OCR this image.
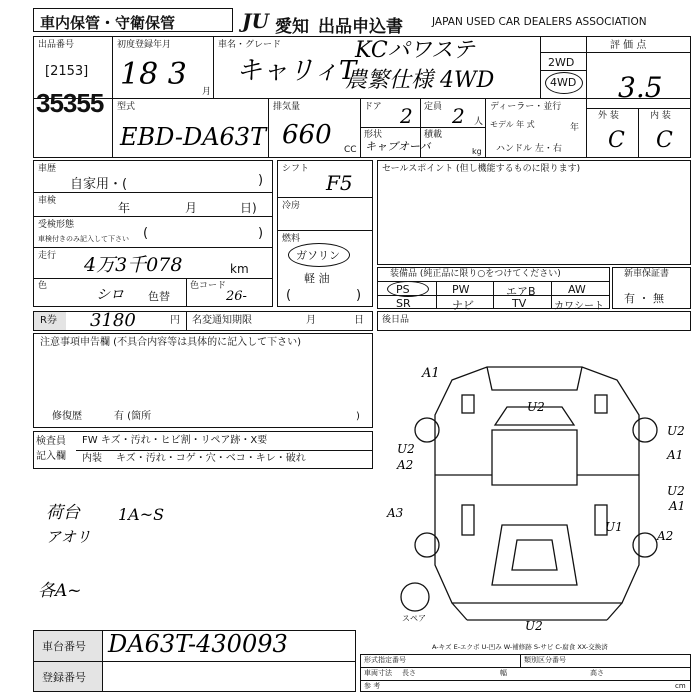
車内保管・守衛保管	JU 愛知 出品申込書	JAPAN USED CAR DEALERS ASSOCIATION
出品番号
[2153]
35355
初度登録年月
18 3 月
車名・グレード
キャリィT
KCパワステ
農繁仕様 4WD
2WD
4WD
評 価 点
3.5
外 装	内 装
C C
型式
EBD-DA63T
排気量
660 CC
ドア 2 定員 2 人
形状
キャブオーバ
積載
kg
ディーラー・並行
モデル 年 式	年
ハンドル 左・右
車歴
自家用・(	)
車検	年	月	日)
受検形態
車検付きのみ記入して下さい (	)
走行 4万3千078	km
色
シロ 色替
色コード
26-
シフト
F5
冷房
燃料
ガソリン
軽 油
(	)
セールスポイント (但し機能するものに限ります)
装備品 (純正品に限り○をつけてください)
PS	PW	エアB	AW
SR	ナビ	TV	カワシート
新車保証書
有 ・ 無
R券 3180	円 名変通知期限	月	日 後日品
注意事項申告欄 (不具合内容等は具体的に記入して下さい)
修復歴	有 (箇所	)
検査員
記入欄
FW キズ・汚れ・ヒビ割・リペア跡・X要
内装 キズ・汚れ・コゲ・穴・ベコ・キレ・破れ
荷台 1A~S
アオリ
各A~
車台番号 DA63T-430093
登録番号
A1
U2
U2
A2
U2
A1
A3
U2
A1
U1
A2
U2
スペア
A-キズ E-エクボ U-凹み W-補修跡 S-サビ C-腐食 XX-交換済
形式指定番号	類別区分番号
車両寸法 長さ	幅	高さ
参 考	cm
